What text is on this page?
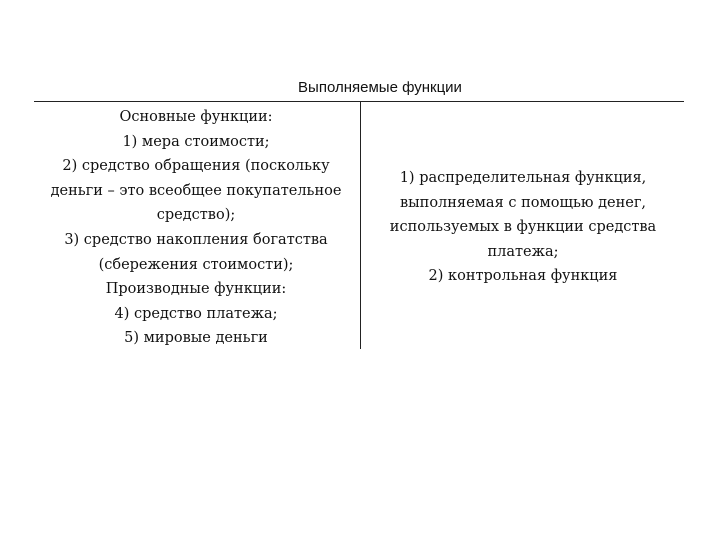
Выполняемые функции
Основные функции:
1) мера стоимости;
2) средство обращения (поскольку
деньги – это всеобщее покупательное
средство);
3) средство накопления богатства
(сбережения стоимости);
Производные функции:
4) средство платежа;
5) мировые деньги
1) распределительная функция,
выполняемая с помощью денег,
используемых в функции средства
платежа;
2) контрольная функция
